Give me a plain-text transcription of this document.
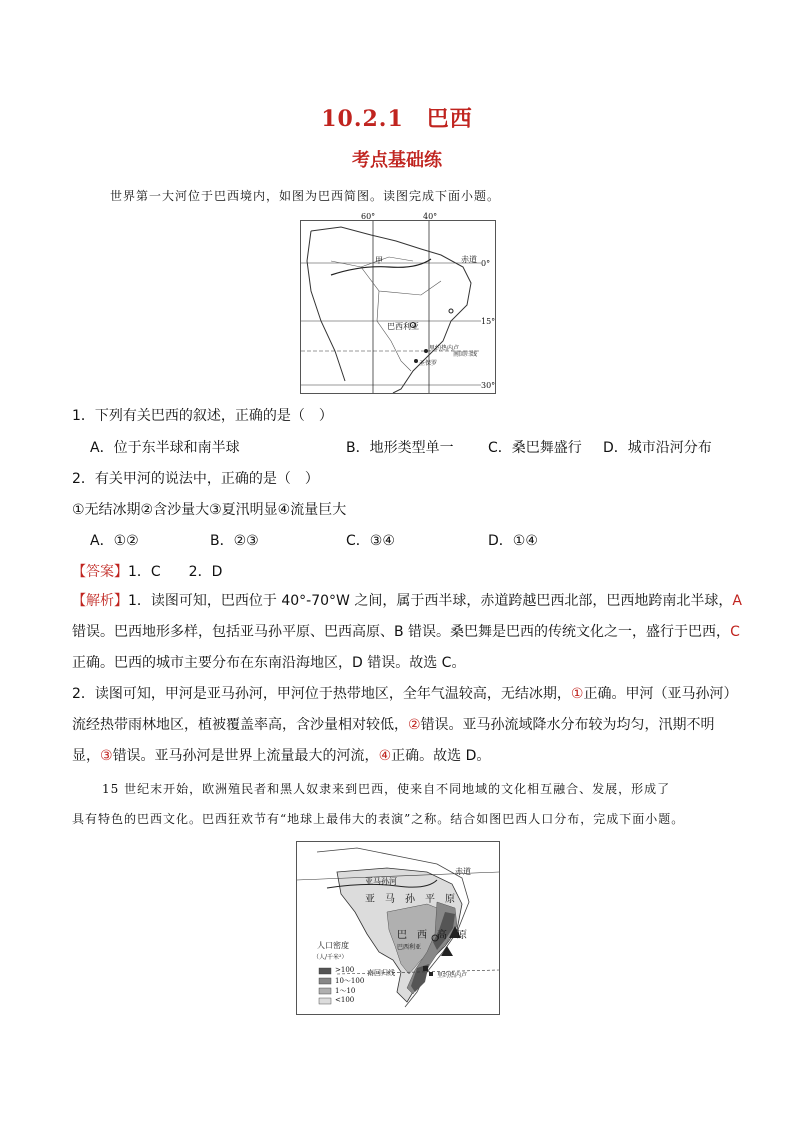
10.2.1　巴西
考点基础练
世界第一大河位于巴西境内，如图为巴西简图。读图完成下面小题。
60°	40°
赤道 0°
15°
30°
甲
巴西利亚
里约热内卢
南回归线
圣保罗
1．下列有关巴西的叙述，正确的是（　）
A．位于东半球和南半球	B．地形类型单一 C．桑巴舞盛行 D．城市沿河分布
2．有关甲河的说法中，正确的是（　）
①无结冰期②含沙量大③夏汛明显④流量巨大
A．①②	B．②③	C．③④	D．①④
【答案】1．C　　2．D
【解析】1．读图可知，巴西位于 40°-70°W 之间，属于西半球，赤道跨越巴西北部，巴西地跨南北半球，A
错误。巴西地形多样，包括亚马孙平原、巴西高原、B 错误。桑巴舞是巴西的传统文化之一，盛行于巴西，C
正确。巴西的城市主要分布在东南沿海地区，D 错误。故选 C。
2．读图可知，甲河是亚马孙河，甲河位于热带地区，全年气温较高，无结冰期，①正确。甲河（亚马孙河）
流经热带雨林地区，植被覆盖率高，含沙量相对较低，②错误。亚马孙流域降水分布较为均匀，汛期不明
显，③错误。亚马孙河是世界上流量最大的河流，④正确。故选 D。
15 世纪末开始，欧洲殖民者和黑人奴隶来到巴西，使来自不同地域的文化相互融合、发展，形成了
具有特色的巴西文化。巴西狂欢节有“地球上最伟大的表演”之称。结合如图巴西人口分布，完成下面小题。
赤道
亚马孙河
亚　马　孙　平　原
巴　西　高　原
巴西利亚
南回归线	里约热内卢
人口密度
（人/千米²）
>100
10～100
1～10
<100
